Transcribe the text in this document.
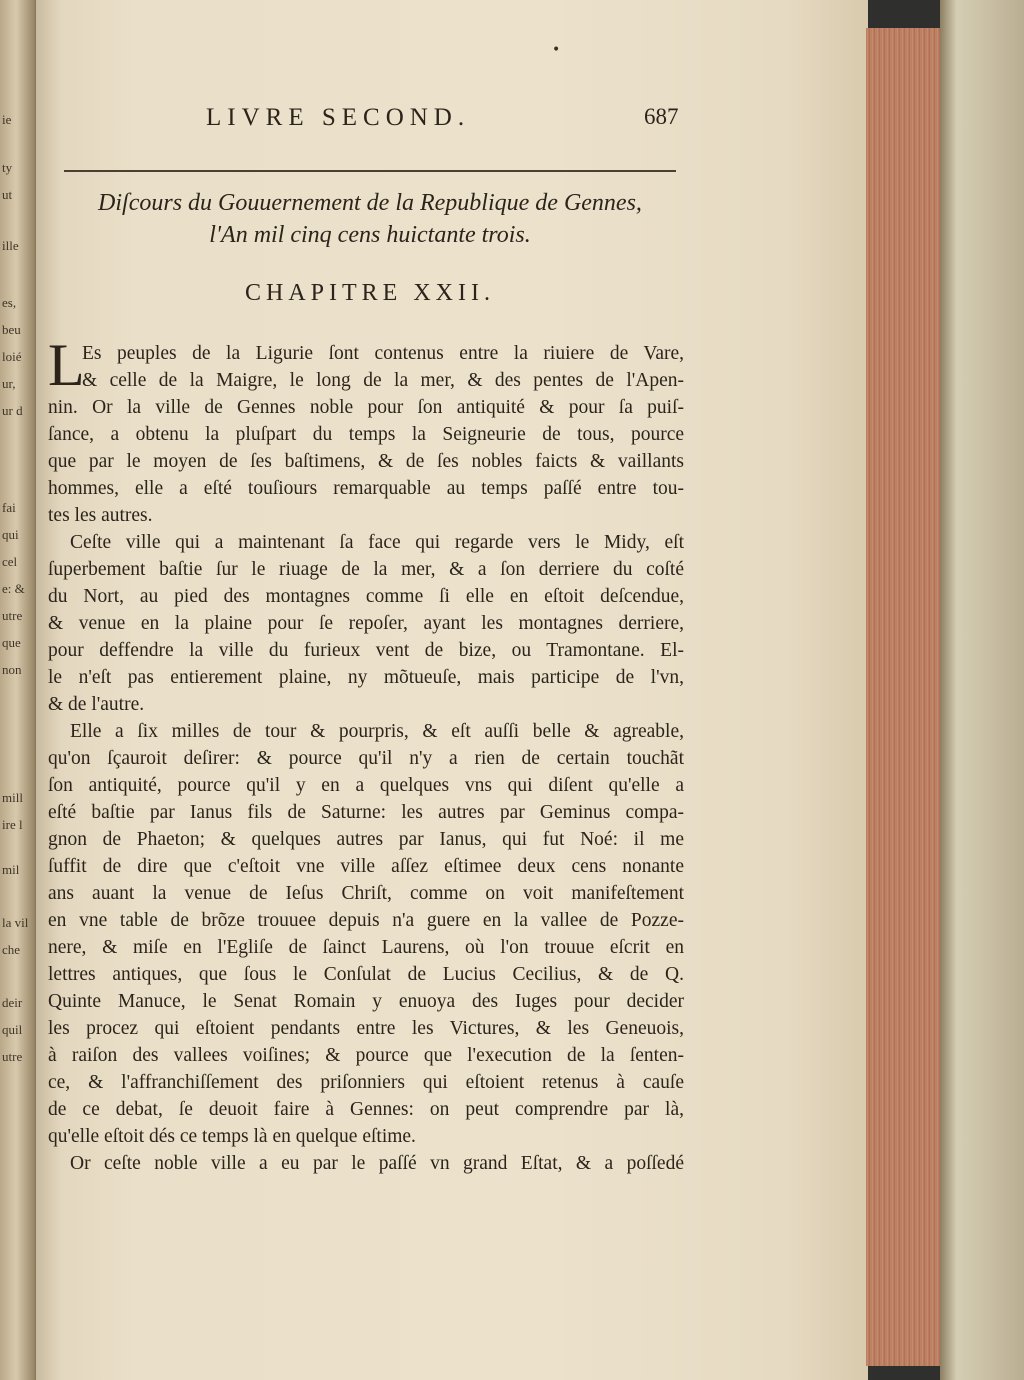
ie
ty
ut
ille
es,
beu
loié
ur,
ur d
fai
qui
cel
e: &
utre
que
non
mill
ire l
mil
la vil
che
deir
quil
utre
•
LIVRE SECOND.	687
Diſcours du Gouuernement de la Republique de Gennes,
l'An mil cinq cens huictante trois.
CHAPITRE XXII.
L
Es peuples de la Ligurie ſont contenus entre la riuiere de Vare,
& celle de la Maigre, le long de la mer, & des pentes de l'Apen-
nin. Or la ville de Gennes noble pour ſon antiquité & pour ſa puiſ-
ſance, a obtenu la pluſpart du temps la Seigneurie de tous, pource
que par le moyen de ſes baſtimens, & de ſes nobles faicts & vaillants
hommes, elle a eſté touſiours remarquable au temps paſſé entre tou-
tes les autres.
Ceſte ville qui a maintenant ſa face qui regarde vers le Midy, eſt
ſuperbement baſtie ſur le riuage de la mer, & a ſon derriere du coſté
du Nort, au pied des montagnes comme ſi elle en eſtoit deſcendue,
& venue en la plaine pour ſe repoſer, ayant les montagnes derriere,
pour deffendre la ville du furieux vent de bize, ou Tramontane. El-
le n'eſt pas entierement plaine, ny mõtueuſe, mais participe de l'vn,
& de l'autre.
Elle a ſix milles de tour & pourpris, & eſt auſſi belle & agreable,
qu'on ſçauroit deſirer: & pource qu'il n'y a rien de certain touchãt
ſon antiquité, pource qu'il y en a quelques vns qui diſent qu'elle a
eſté baſtie par Ianus fils de Saturne: les autres par Geminus compa-
gnon de Phaeton; & quelques autres par Ianus, qui fut Noé: il me
ſuffit de dire que c'eſtoit vne ville aſſez eſtimee deux cens nonante
ans auant la venue de Ieſus Chriſt, comme on voit manifeſtement
en vne table de brõze trouuee depuis n'a guere en la vallee de Pozze-
nere, & miſe en l'Egliſe de ſainct Laurens, où l'on trouue eſcrit en
lettres antiques, que ſous le Conſulat de Lucius Cecilius, & de Q.
Quinte Manuce, le Senat Romain y enuoya des Iuges pour decider
les procez qui eſtoient pendants entre les Victures, & les Geneuois,
à raiſon des vallees voiſines; & pource que l'execution de la ſenten-
ce, & l'affranchiſſement des priſonniers qui eſtoient retenus à cauſe
de ce debat, ſe deuoit faire à Gennes: on peut comprendre par là,
qu'elle eſtoit dés ce temps là en quelque eſtime.
Or ceſte noble ville a eu par le paſſé vn grand Eſtat, & a poſſedé
